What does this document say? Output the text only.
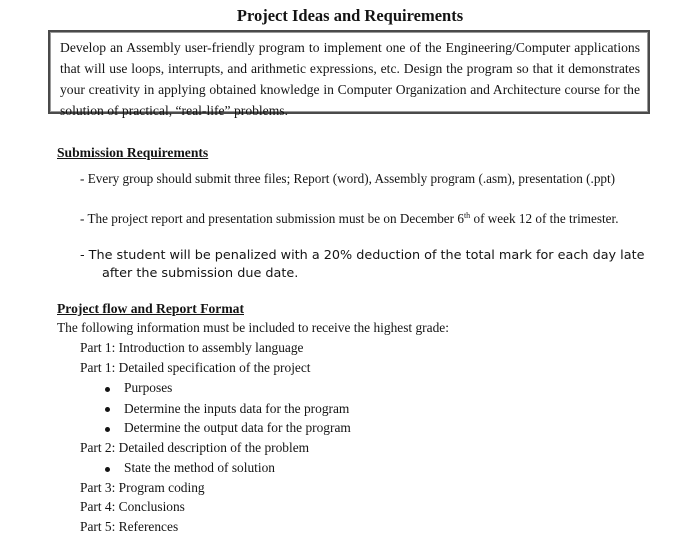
Project Ideas and Requirements
Develop an Assembly user-friendly program to implement one of the Engineering/Computer applications that will use loops, interrupts, and arithmetic expressions, etc. Design the program so that it demonstrates your creativity in applying obtained knowledge in Computer Organization and Architecture course for the solution of practical, “real-life” problems.
Submission Requirements
- Every group should submit three files; Report (word), Assembly program (.asm), presentation (.ppt)
- The project report and presentation submission must be on December 6th of week 12 of the trimester.
- The student will be penalized with a 20% deduction of the total mark for each day late
after the submission due date.
Project flow and Report Format
The following information must be included to receive the highest grade:
Part 1: Introduction to assembly language
Part 1: Detailed specification of the project
Purposes
Determine the inputs data for the program
Determine the output data for the program
Part 2: Detailed description of the problem
State the method of solution
Part 3: Program coding
Part 4: Conclusions
Part 5: References
